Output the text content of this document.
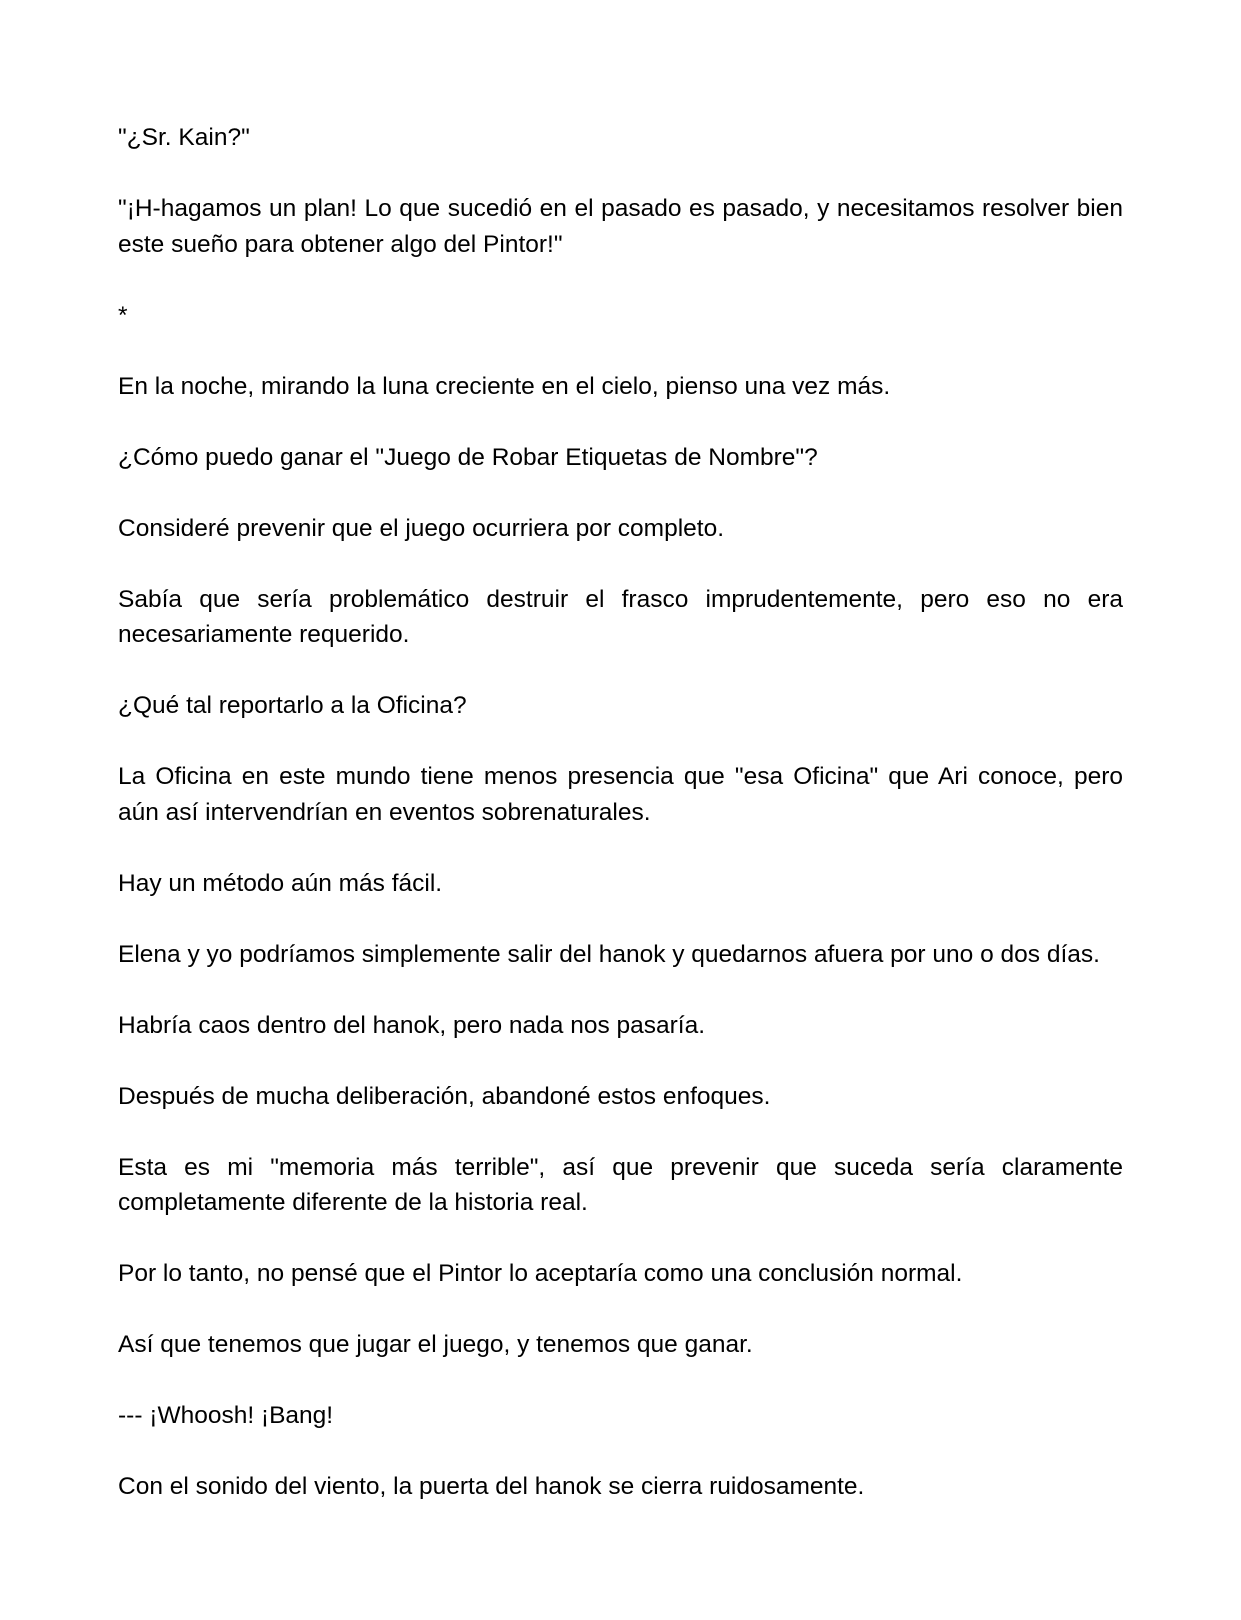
"¿Sr. Kain?"

"¡H-hagamos un plan! Lo que sucedió en el pasado es pasado, y necesitamos resolver bien este sueño para obtener algo del Pintor!"

*

En la noche, mirando la luna creciente en el cielo, pienso una vez más.

¿Cómo puedo ganar el "Juego de Robar Etiquetas de Nombre"?

Consideré prevenir que el juego ocurriera por completo.

Sabía que sería problemático destruir el frasco imprudentemente, pero eso no era necesariamente requerido.

¿Qué tal reportarlo a la Oficina?

La Oficina en este mundo tiene menos presencia que "esa Oficina" que Ari conoce, pero aún así intervendrían en eventos sobrenaturales.

Hay un método aún más fácil.

Elena y yo podríamos simplemente salir del hanok y quedarnos afuera por uno o dos días.

Habría caos dentro del hanok, pero nada nos pasaría.

Después de mucha deliberación, abandoné estos enfoques.

Esta es mi "memoria más terrible", así que prevenir que suceda sería claramente completamente diferente de la historia real.

Por lo tanto, no pensé que el Pintor lo aceptaría como una conclusión normal.

Así que tenemos que jugar el juego, y tenemos que ganar.

--- ¡Whoosh! ¡Bang!

Con el sonido del viento, la puerta del hanok se cierra ruidosamente.
